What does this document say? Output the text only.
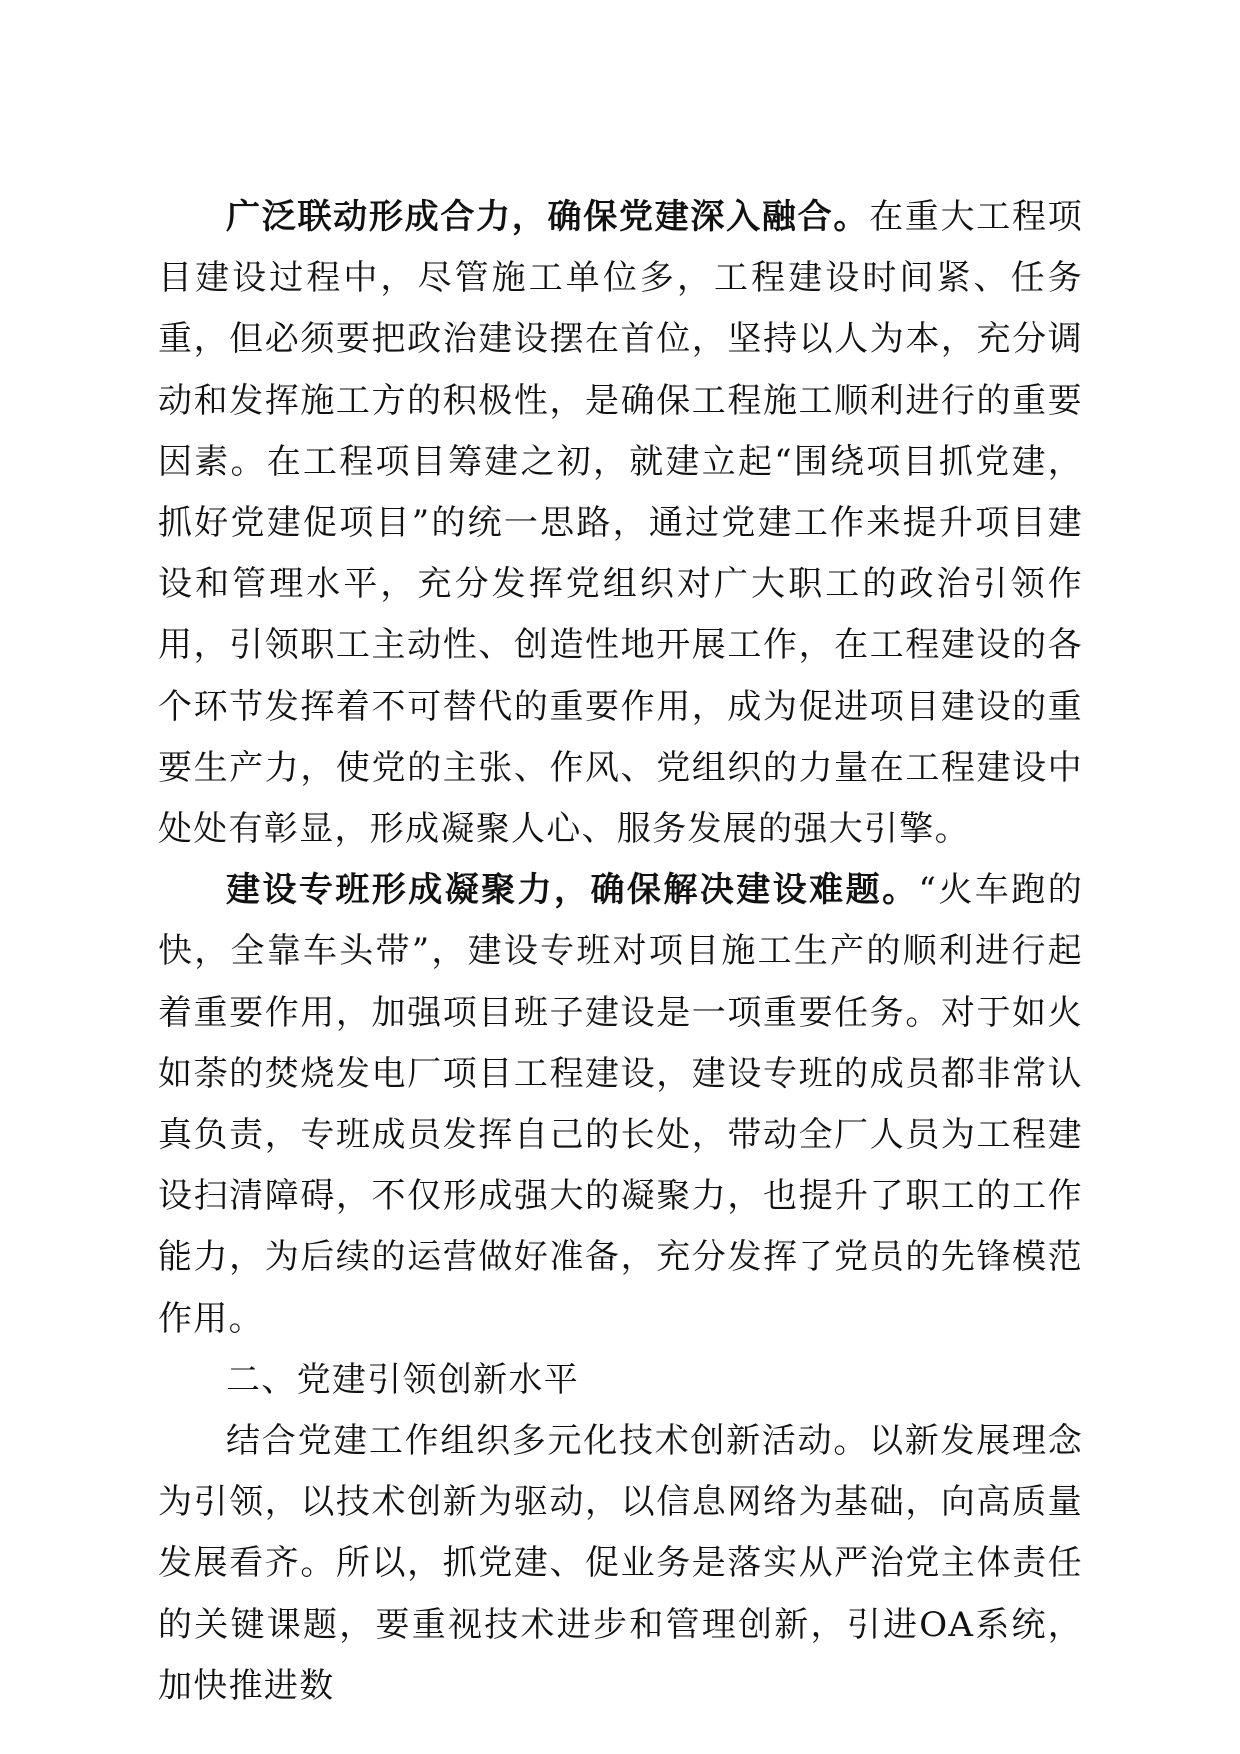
广泛联动形成合力，确保党建深入融合。在重大工程项目建设过程中，尽管施工单位多，工程建设时间紧、任务重，但必须要把政治建设摆在首位，坚持以人为本，充分调动和发挥施工方的积极性，是确保工程施工顺利进行的重要因素。在工程项目筹建之初，就建立起“围绕项目抓党建，抓好党建促项目”的统一思路，通过党建工作来提升项目建设和管理水平，充分发挥党组织对广大职工的政治引领作用，引领职工主动性、创造性地开展工作，在工程建设的各个环节发挥着不可替代的重要作用，成为促进项目建设的重要生产力，使党的主张、作风、党组织的力量在工程建设中处处有彰显，形成凝聚人心、服务发展的强大引擎。

建设专班形成凝聚力，确保解决建设难题。“火车跑的快，全靠车头带”，建设专班对项目施工生产的顺利进行起着重要作用，加强项目班子建设是一项重要任务。对于如火如荼的焚烧发电厂项目工程建设，建设专班的成员都非常认真负责，专班成员发挥自己的长处，带动全厂人员为工程建设扫清障碍，不仅形成强大的凝聚力，也提升了职工的工作能力，为后续的运营做好准备，充分发挥了党员的先锋模范作用。

二、党建引领创新水平

结合党建工作组织多元化技术创新活动。以新发展理念为引领，以技术创新为驱动，以信息网络为基础，向高质量发展看齐。所以，抓党建、促业务是落实从严治党主体责任的关键课题，要重视技术进步和管理创新，引进OA系统，加快推进数
